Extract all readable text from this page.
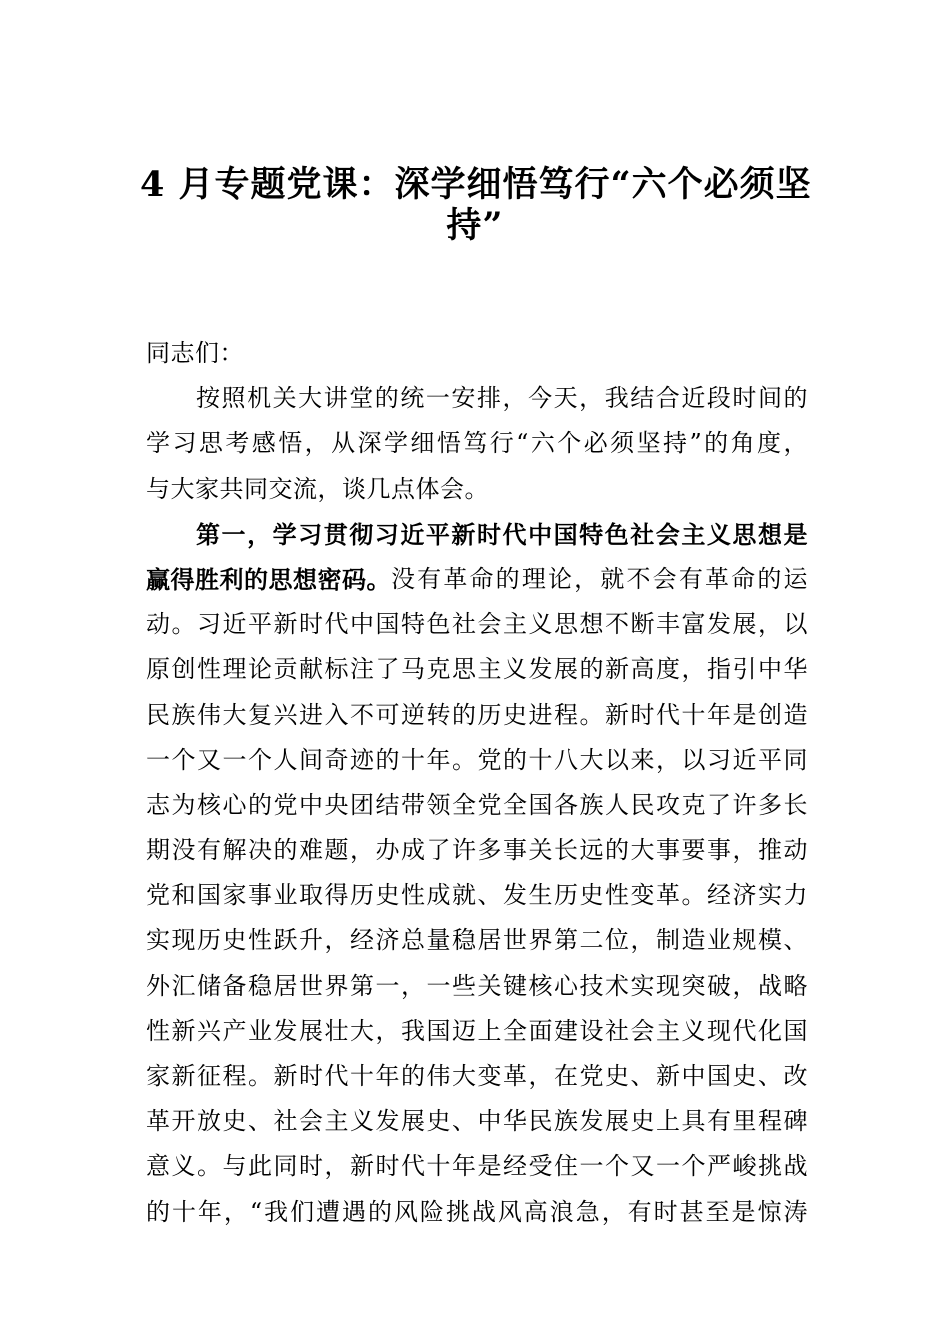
4 月专题党课：深学细悟笃行“六个必须坚
持”
同志们：
按照机关大讲堂的统一安排，今天，我结合近段时间的
学习思考感悟，从深学细悟笃行“六个必须坚持”的角度，
与大家共同交流，谈几点体会。
第一，学习贯彻习近平新时代中国特色社会主义思想是
赢得胜利的思想密码。 没有革命的理论，就不会有革命的运
动。习近平新时代中国特色社会主义思想不断丰富发展，以
原创性理论贡献标注了马克思主义发展的新高度，指引中华
民族伟大复兴进入不可逆转的历史进程。新时代十年是创造
一个又一个人间奇迹的十年。党的十八大以来，以习近平同
志为核心的党中央团结带领全党全国各族人民攻克了许多长
期没有解决的难题，办成了许多事关长远的大事要事，推动
党和国家事业取得历史性成就、发生历史性变革。经济实力
实现历史性跃升，经济总量稳居世界第二位，制造业规模、
外汇储备稳居世界第一，一些关键核心技术实现突破，战略
性新兴产业发展壮大，我国迈上全面建设社会主义现代化国
家新征程。新时代十年的伟大变革，在党史、新中国史、改
革开放史、社会主义发展史、中华民族发展史上具有里程碑
意义。与此同时，新时代十年是经受住一个又一个严峻挑战
的十年，“我们遭遇的风险挑战风高浪急，有时甚至是惊涛
